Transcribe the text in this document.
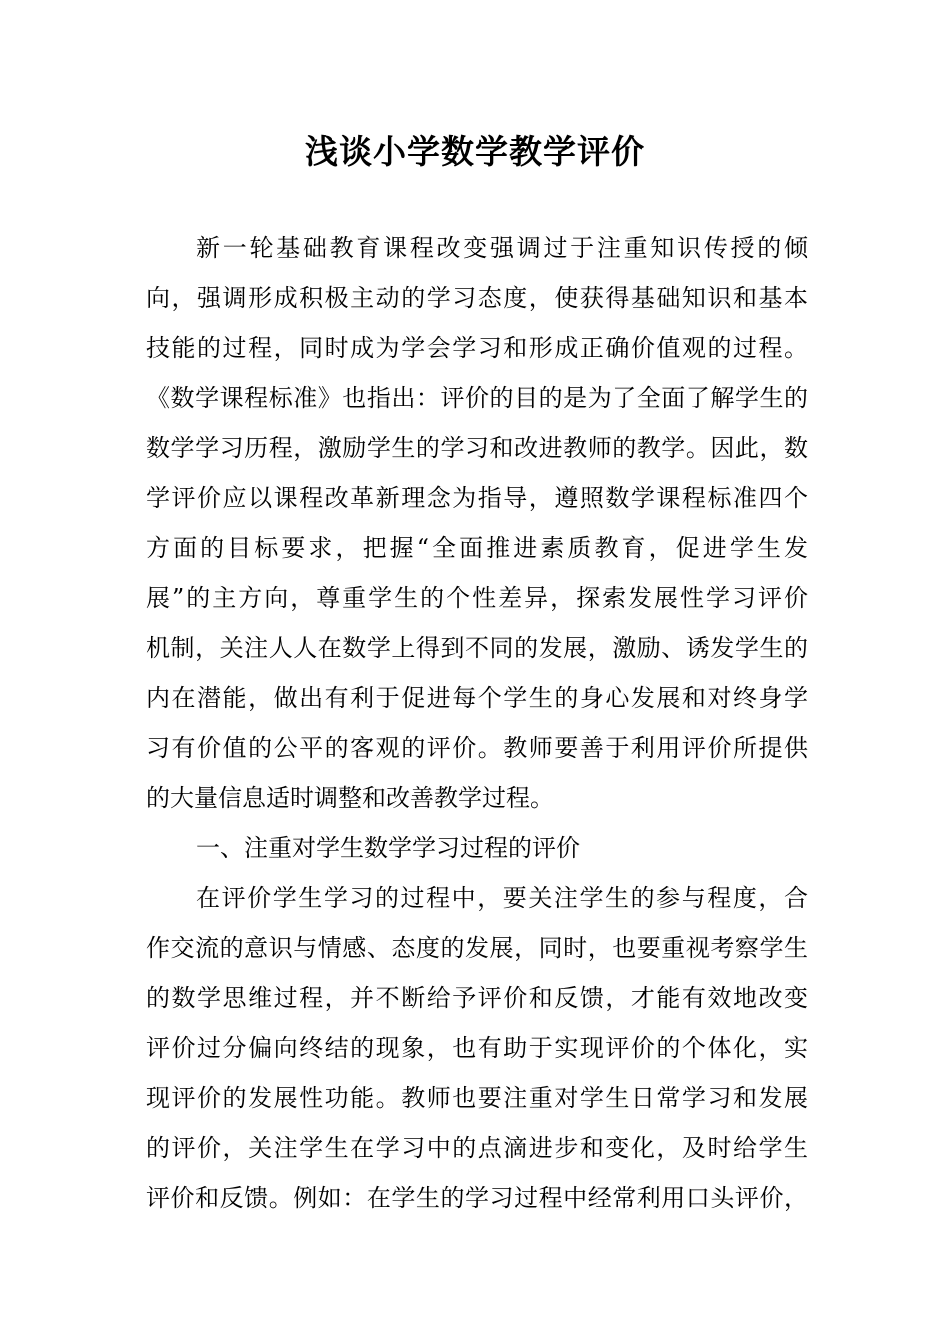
浅谈小学数学教学评价
新一轮基础教育课程改变强调过于注重知识传授的倾
向，强调形成积极主动的学习态度，使获得基础知识和基本
技能的过程，同时成为学会学习和形成正确价值观的过程。
《数学课程标准》也指出：评价的目的是为了全面了解学生的
数学学习历程，激励学生的学习和改进教师的教学。因此，数
学评价应以课程改革新理念为指导，遵照数学课程标准四个
方面的目标要求，把握“全面推进素质教育，促进学生发
展”的主方向，尊重学生的个性差异，探索发展性学习评价
机制，关注人人在数学上得到不同的发展，激励、诱发学生的
内在潜能，做出有利于促进每个学生的身心发展和对终身学
习有价值的公平的客观的评价。教师要善于利用评价所提供
的大量信息适时调整和改善教学过程。
一、注重对学生数学学习过程的评价
在评价学生学习的过程中，要关注学生的参与程度，合
作交流的意识与情感、态度的发展，同时，也要重视考察学生
的数学思维过程，并不断给予评价和反馈，才能有效地改变
评价过分偏向终结的现象，也有助于实现评价的个体化，实
现评价的发展性功能。教师也要注重对学生日常学习和发展
的评价，关注学生在学习中的点滴进步和变化，及时给学生
评价和反馈。例如：在学生的学习过程中经常利用口头评价，
